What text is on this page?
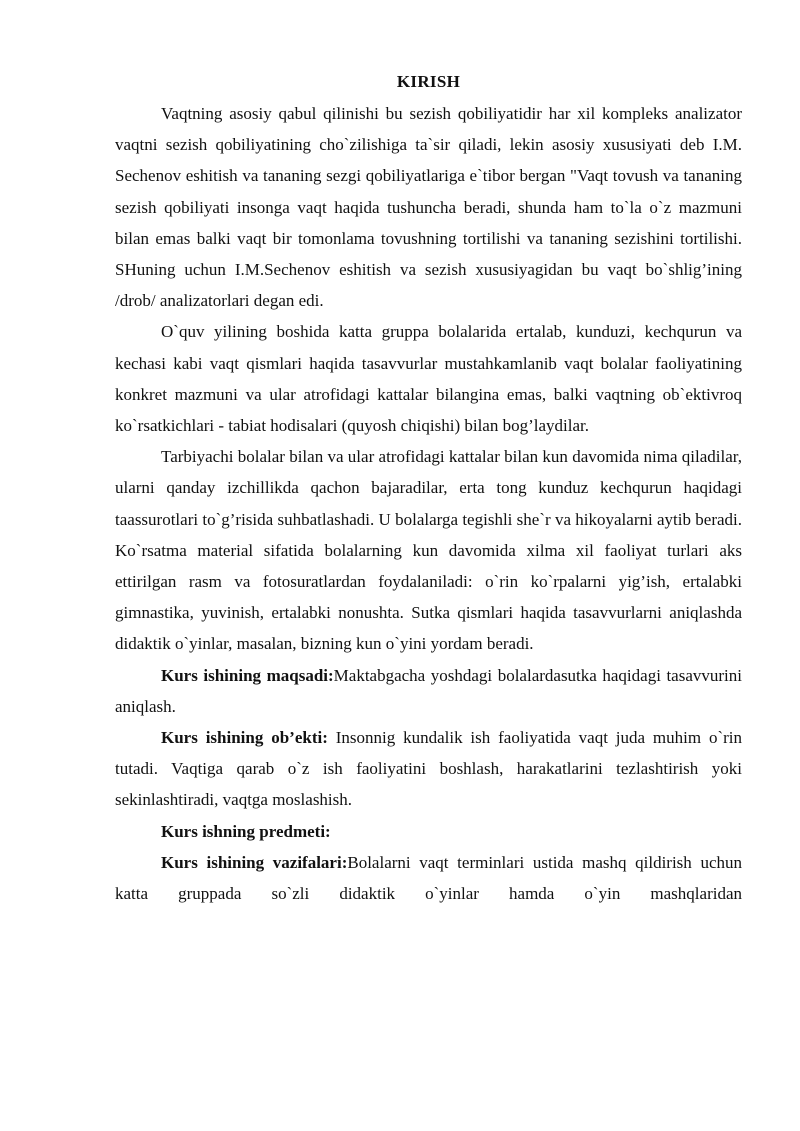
KIRISH

Vaqtning asosiy qabul qilinishi bu sezish qobiliyatidir har xil kompleks analizator vaqtni sezish qobiliyatining cho`zilishiga ta`sir qiladi, lekin asosiy xususiyati deb I.M. Sechenov eshitish va tananing sezgi qobiliyatlariga e`tibor bergan "Vaqt tovush va tananing sezish qobiliyati insonga vaqt haqida tushuncha beradi, shunda ham to`la o`z mazmuni bilan emas balki vaqt bir tomonlama tovushning tortilishi va tananing sezishini tortilishi. SHuning uchun I.M.Sechenov eshitish va sezish xususiyagidan bu vaqt bo`shlig’ining /drob/ analizatorlari degan edi.

O`quv yilining boshida katta gruppa bolalarida ertalab, kunduzi, kechqurun va kechasi kabi vaqt qismlari haqida tasavvurlar mustahkamlanib vaqt bolalar faoliyatining konkret mazmuni va ular atrofidagi kattalar bilangina emas, balki vaqtning ob`ektivroq ko`rsatkichlari - tabiat hodisalari (quyosh chiqishi) bilan bog’laydilar.

Tarbiyachi bolalar bilan va ular atrofidagi kattalar bilan kun davomida nima qiladilar, ularni qanday izchillikda qachon bajaradilar, erta tong kunduz kechqurun haqidagi taassurotlari to`g’risida suhbatlashadi. U bolalarga tegishli she`r va hikoyalarni aytib beradi. Ko`rsatma material sifatida bolalarning kun davomida xilma xil faoliyat turlari aks ettirilgan rasm va fotosuratlardan foydalaniladi: o`rin ko`rpalarni yig’ish, ertalabki gimnastika, yuvinish, ertalabki nonushta. Sutka qismlari haqida tasavvurlarni aniqlashda didaktik o`yinlar, masalan, bizning kun o`yini yordam beradi.

Kurs ishining maqsadi:Maktabgacha yoshdagi bolalardasutka haqidagi tasavvurini aniqlash.

Kurs ishining ob’ekti: Insonnig kundalik ish faoliyatida vaqt juda muhim o`rin tutadi. Vaqtiga qarab o`z ish faoliyatini boshlash, harakatlarini tezlashtirish yoki sekinlashtiradi, vaqtga moslashish.

Kurs ishning predmeti:

Kurs ishining vazifalari:Bolalarni vaqt terminlari ustida mashq qildirish uchun katta gruppada so`zli didaktik o`yinlar hamda o`yin mashqlaridan
